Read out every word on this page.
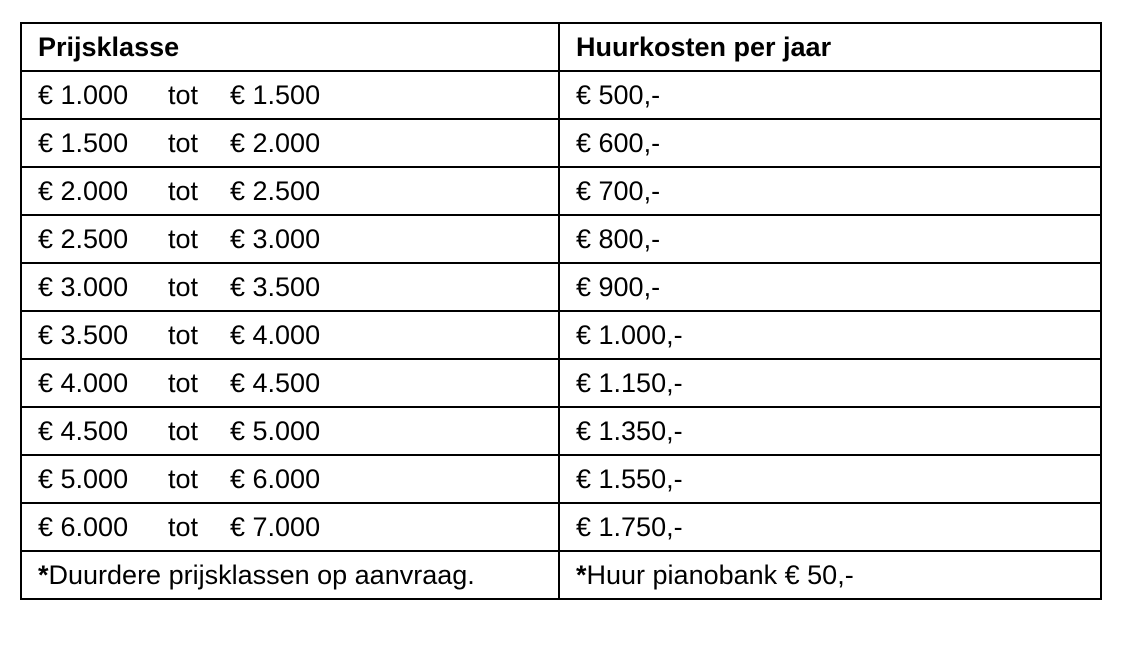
Prijsklasse	Huurkosten per jaar
€ 1.000 tot € 1.500	€ 500,-
€ 1.500 tot € 2.000	€ 600,-
€ 2.000 tot € 2.500	€ 700,-
€ 2.500 tot € 3.000	€ 800,-
€ 3.000 tot € 3.500	€ 900,-
€ 3.500 tot € 4.000	€ 1.000,-
€ 4.000 tot € 4.500	€ 1.150,-
€ 4.500 tot € 5.000	€ 1.350,-
€ 5.000 tot € 6.000	€ 1.550,-
€ 6.000 tot € 7.000	€ 1.750,-
*Duurdere prijsklassen op aanvraag.	*Huur pianobank € 50,-
